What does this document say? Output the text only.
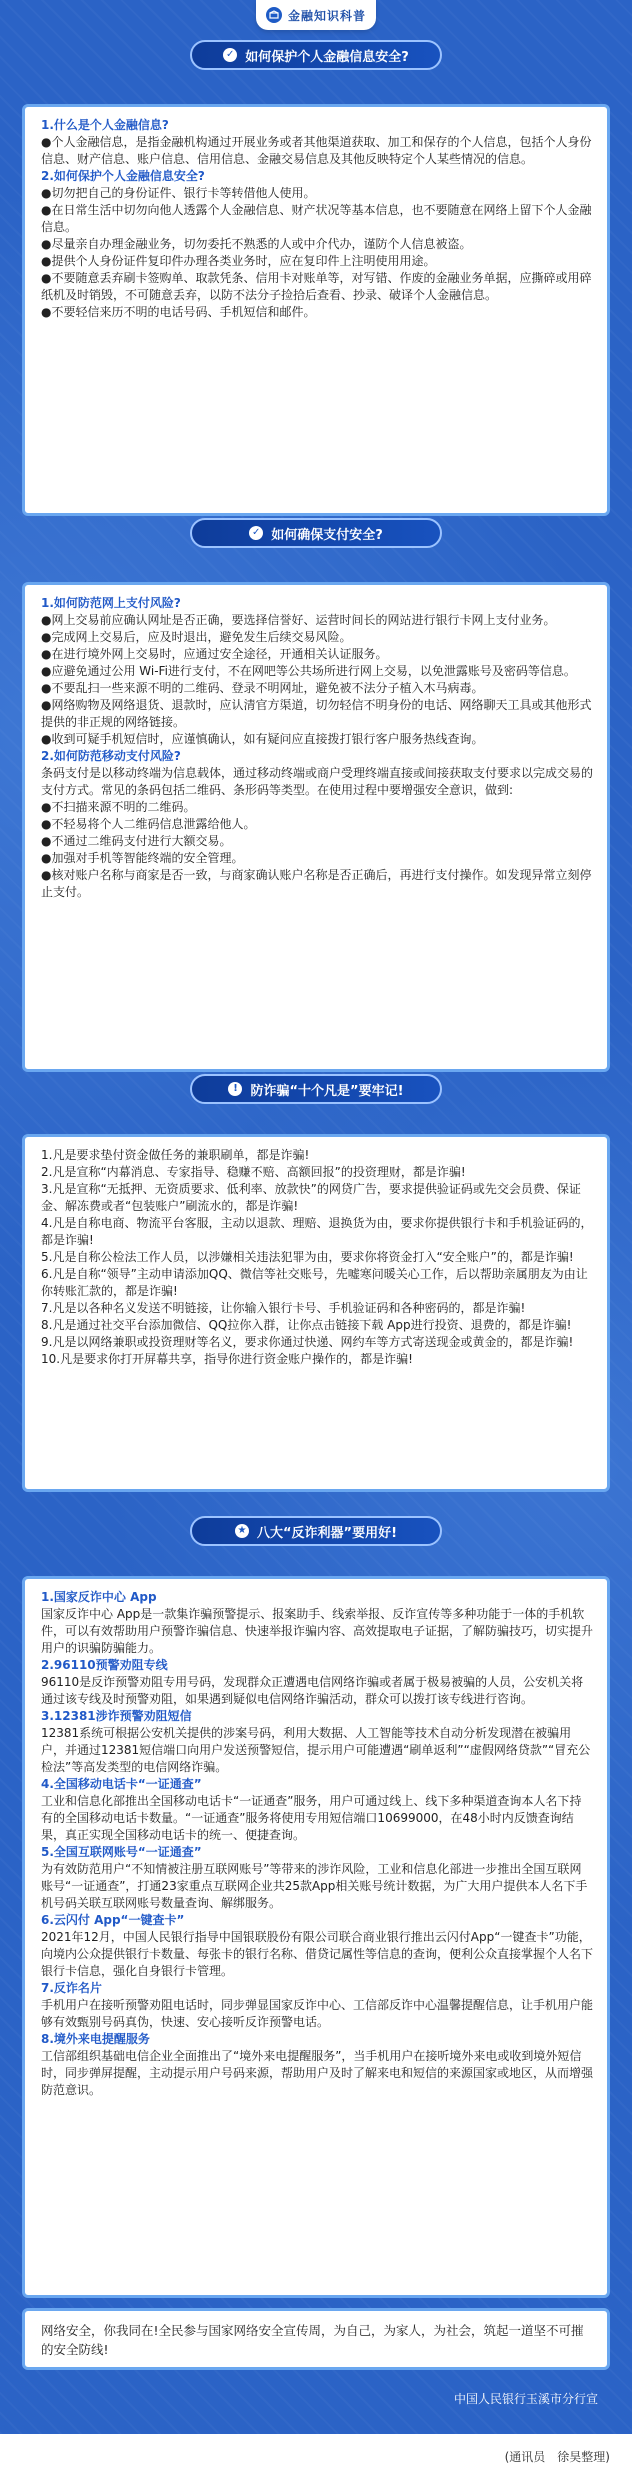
金融知识科普
✓ 如何保护个人金融信息安全?

1.什么是个人金融信息?

●个人金融信息，是指金融机构通过开展业务或者其他渠道获取、加工和保存的个人信息，包括个人身份信息、财产信息、账户信息、信用信息、金融交易信息及其他反映特定个人某些情况的信息。

2.如何保护个人金融信息安全?

●切勿把自己的身份证件、银行卡等转借他人使用。

●在日常生活中切勿向他人透露个人金融信息、财产状况等基本信息，也不要随意在网络上留下个人金融信息。

●尽量亲自办理金融业务，切勿委托不熟悉的人或中介代办，谨防个人信息被盗。

●提供个人身份证件复印件办理各类业务时，应在复印件上注明使用用途。

●不要随意丢弃刷卡签购单、取款凭条、信用卡对账单等，对写错、作废的金融业务单据，应撕碎或用碎纸机及时销毁，不可随意丢弃，以防不法分子捡拾后查看、抄录、破译个人金融信息。

●不要轻信来历不明的电话号码、手机短信和邮件。

✓ 如何确保支付安全?

1.如何防范网上支付风险?

●网上交易前应确认网址是否正确，要选择信誉好、运营时间长的网站进行银行卡网上支付业务。

●完成网上交易后，应及时退出，避免发生后续交易风险。

●在进行境外网上交易时，应通过安全途径，开通相关认证服务。

●应避免通过公用 Wi-Fi进行支付，不在网吧等公共场所进行网上交易，以免泄露账号及密码等信息。

●不要乱扫一些来源不明的二维码、登录不明网址，避免被不法分子植入木马病毒。

●网络购物及网络退货、退款时，应认清官方渠道，切勿轻信不明身份的电话、网络聊天工具或其他形式提供的非正规的网络链接。

●收到可疑手机短信时，应谨慎确认，如有疑问应直接拨打银行客户服务热线查询。

2.如何防范移动支付风险?

条码支付是以移动终端为信息载体，通过移动终端或商户受理终端直接或间接获取支付要求以完成交易的支付方式。常见的条码包括二维码、条形码等类型。在使用过程中要增强安全意识，做到:

●不扫描来源不明的二维码。

●不轻易将个人二维码信息泄露给他人。

●不通过二维码支付进行大额交易。

●加强对手机等智能终端的安全管理。

●核对账户名称与商家是否一致，与商家确认账户名称是否正确后，再进行支付操作。如发现异常立刻停止支付。

! 防诈骗“十个凡是”要牢记!

1.凡是要求垫付资金做任务的兼职刷单，都是诈骗!

2.凡是宣称“内幕消息、专家指导、稳赚不赔、高额回报”的投资理财，都是诈骗!

3.凡是宣称“无抵押、无资质要求、低利率、放款快”的网贷广告，要求提供验证码或先交会员费、保证金、解冻费或者“包装账户”刷流水的，都是诈骗!

4.凡是自称电商、物流平台客服，主动以退款、理赔、退换货为由，要求你提供银行卡和手机验证码的，都是诈骗!

5.凡是自称公检法工作人员，以涉嫌相关违法犯罪为由，要求你将资金打入“安全账户”的，都是诈骗!

6.凡是自称“领导”主动申请添加QQ、微信等社交账号，先嘘寒问暖关心工作，后以帮助亲属朋友为由让你转账汇款的，都是诈骗!

7.凡是以各种名义发送不明链接，让你输入银行卡号、手机验证码和各种密码的，都是诈骗!

8.凡是通过社交平台添加微信、QQ拉你入群，让你点击链接下载 App进行投资、退费的，都是诈骗!

9.凡是以网络兼职或投资理财等名义，要求你通过快递、网约车等方式寄送现金或黄金的，都是诈骗!

10.凡是要求你打开屏幕共享，指导你进行资金账户操作的，都是诈骗!

★ 八大“反诈利器”要用好!

1.国家反诈中心 App

国家反诈中心 App是一款集诈骗预警提示、报案助手、线索举报、反诈宣传等多种功能于一体的手机软件，可以有效帮助用户预警诈骗信息、快速举报诈骗内容、高效提取电子证据，了解防骗技巧，切实提升用户的识骗防骗能力。

2.96110预警劝阻专线

96110是反诈预警劝阻专用号码，发现群众正遭遇电信网络诈骗或者属于极易被骗的人员，公安机关将通过该专线及时预警劝阻，如果遇到疑似电信网络诈骗活动，群众可以拨打该专线进行咨询。

3.12381涉诈预警劝阻短信

12381系统可根据公安机关提供的涉案号码，利用大数据、人工智能等技术自动分析发现潜在被骗用户，并通过12381短信端口向用户发送预警短信，提示用户可能遭遇“刷单返利”“虚假网络贷款”“冒充公检法”等高发类型的电信网络诈骗。

4.全国移动电话卡“一证通查”

工业和信息化部推出全国移动电话卡“一证通查”服务，用户可通过线上、线下多种渠道查询本人名下持有的全国移动电话卡数量。“一证通查”服务将使用专用短信端口10699000，在48小时内反馈查询结果，真正实现全国移动电话卡的统一、便捷查询。

5.全国互联网账号“一证通查”

为有效防范用户“不知情被注册互联网账号”等带来的涉诈风险，工业和信息化部进一步推出全国互联网账号“一证通查”，打通23家重点互联网企业共25款App相关账号统计数据，为广大用户提供本人名下手机号码关联互联网账号数量查询、解绑服务。

6.云闪付 App“一键查卡”

2021年12月，中国人民银行指导中国银联股份有限公司联合商业银行推出云闪付App“一键查卡”功能，向境内公众提供银行卡数量、每张卡的银行名称、借贷记属性等信息的查询，便利公众直接掌握个人名下银行卡信息，强化自身银行卡管理。

7.反诈名片

手机用户在接听预警劝阻电话时，同步弹显国家反诈中心、工信部反诈中心温馨提醒信息，让手机用户能够有效甄别号码真伪，快速、安心接听反诈预警电话。

8.境外来电提醒服务

工信部组织基础电信企业全面推出了“境外来电提醒服务”，当手机用户在接听境外来电或收到境外短信时，同步弹屏提醒，主动提示用户号码来源，帮助用户及时了解来电和短信的来源国家或地区，从而增强防范意识。

网络安全，你我同在!全民参与国家网络安全宣传周，为自己，为家人，为社会，筑起一道坚不可摧的安全防线!

中国人民银行玉溪市分行宣
(通讯员　徐昊整理)
